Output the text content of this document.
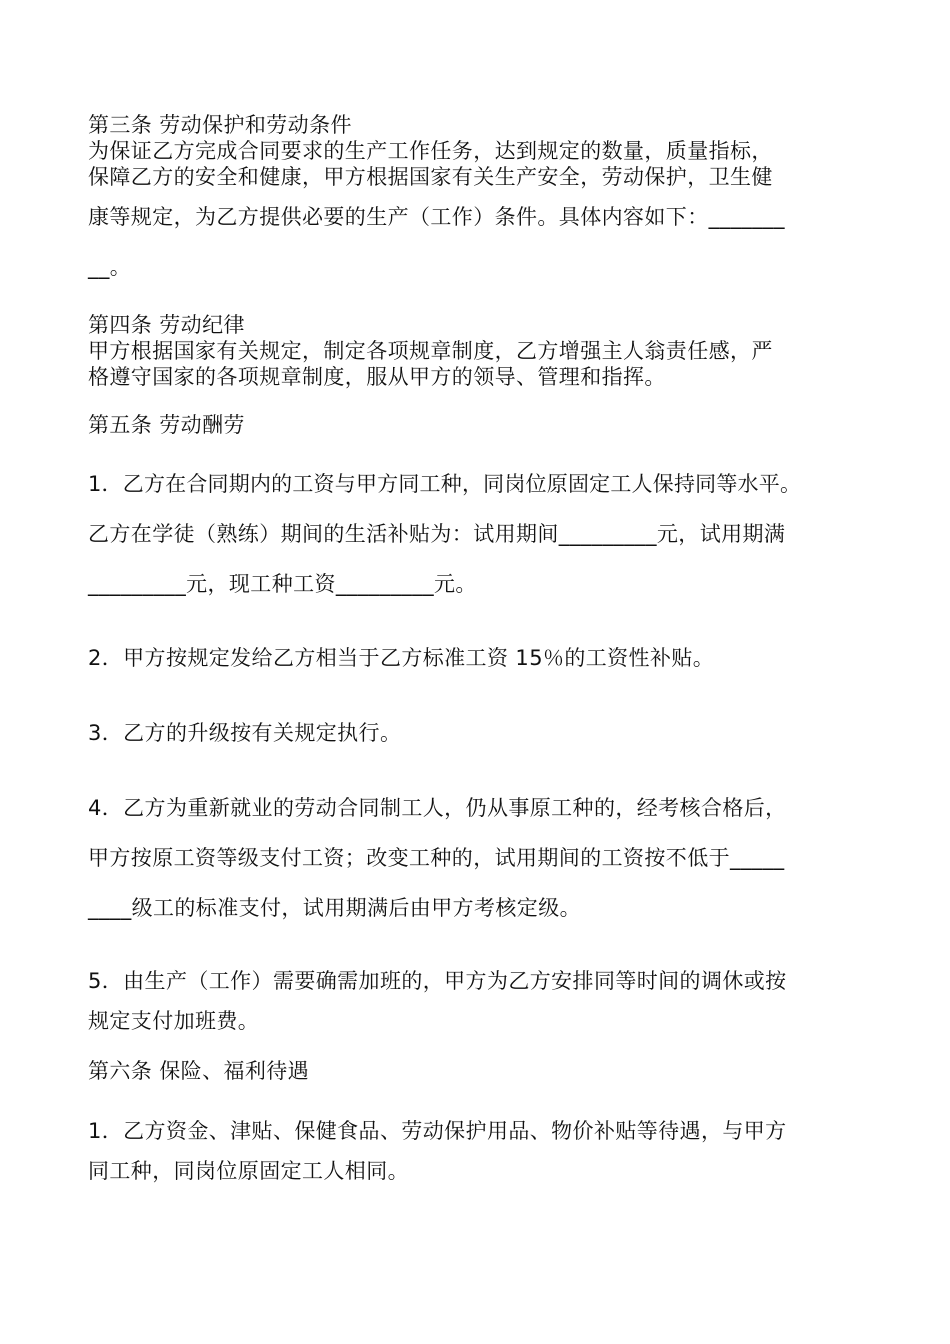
第三条 劳动保护和劳动条件

为保证乙方完成合同要求的生产工作任务，达到规定的数量，质量指标，

保障乙方的安全和健康，甲方根据国家有关生产安全，劳动保护，卫生健

康等规定，为乙方提供必要的生产（工作）条件。具体内容如下：_______

__。

第四条 劳动纪律

甲方根据国家有关规定，制定各项规章制度，乙方增强主人翁责任感，严

格遵守国家的各项规章制度，服从甲方的领导、管理和指挥。

第五条 劳动酬劳

1．乙方在合同期内的工资与甲方同工种，同岗位原固定工人保持同等水平。

乙方在学徒（熟练）期间的生活补贴为：试用期间_________元，试用期满

_________元，现工种工资_________元。

2．甲方按规定发给乙方相当于乙方标准工资 15％的工资性补贴。

3．乙方的升级按有关规定执行。

4．乙方为重新就业的劳动合同制工人，仍从事原工种的，经考核合格后，

甲方按原工资等级支付工资；改变工种的，试用期间的工资按不低于_____

____级工的标准支付，试用期满后由甲方考核定级。

5．由生产（工作）需要确需加班的，甲方为乙方安排同等时间的调休或按

规定支付加班费。

第六条 保险、福利待遇

1．乙方资金、津贴、保健食品、劳动保护用品、物价补贴等待遇，与甲方

同工种，同岗位原固定工人相同。
